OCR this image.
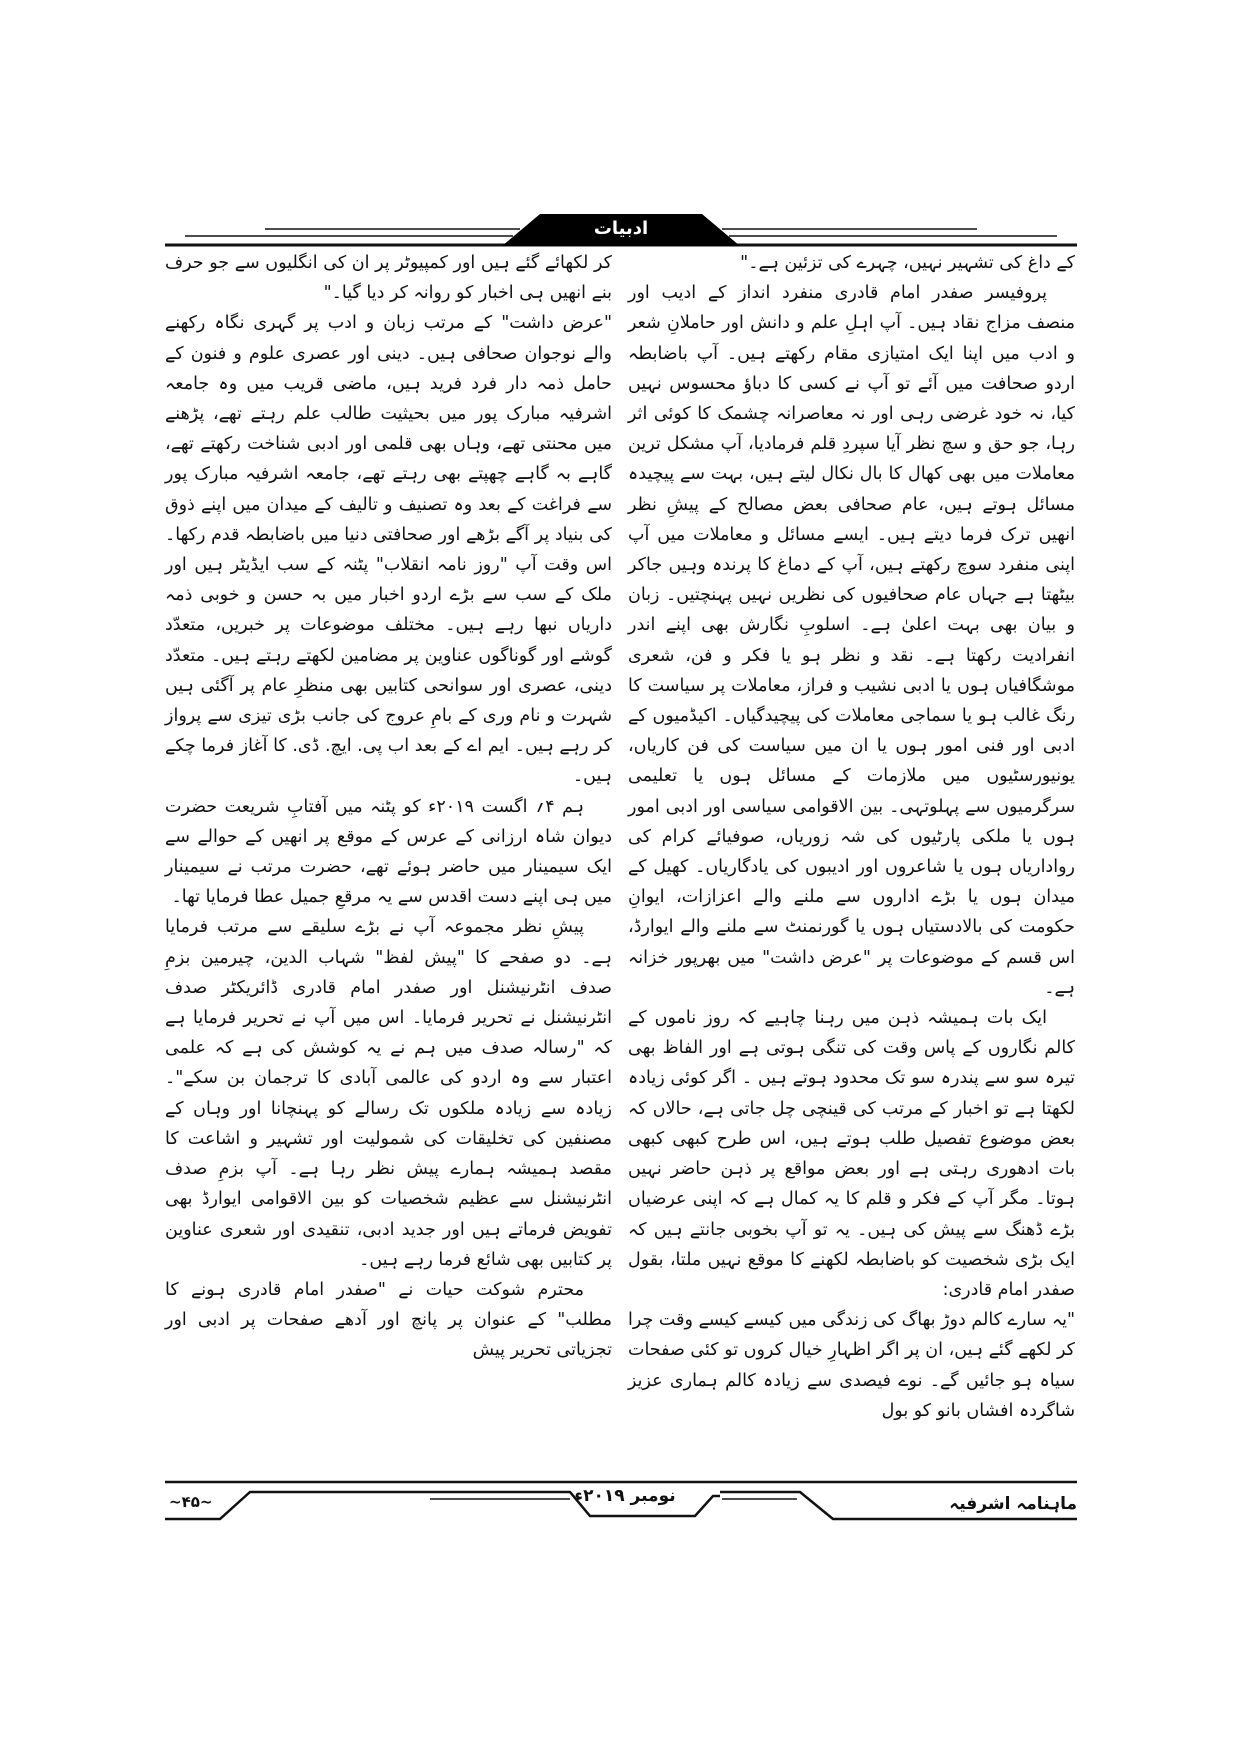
ادبیات

کے داغ کی تشہیر نہیں، چہرے کی تزئین ہے۔"

پروفیسر صفدر امام قادری منفرد انداز کے ادیب اور منصف مزاج نقاد ہیں۔ آپ اہلِ علم و دانش اور حاملانِ شعر و ادب میں اپنا ایک امتیازی مقام رکھتے ہیں۔ آپ باضابطہ اردو صحافت میں آئے تو آپ نے کسی کا دباؤ محسوس نہیں کیا، نہ خود غرضی رہی اور نہ معاصرانہ چشمک کا کوئی اثر رہا، جو حق و سچ نظر آیا سپردِ قلم فرمادیا، آپ مشکل ترین معاملات میں بھی کھال کا بال نکال لیتے ہیں، بہت سے پیچیدہ مسائل ہوتے ہیں، عام صحافی بعض مصالح کے پیشِ نظر انھیں ترک فرما دیتے ہیں۔ ایسے مسائل و معاملات میں آپ اپنی منفرد سوچ رکھتے ہیں، آپ کے دماغ کا پرندہ وہیں جاکر بیٹھتا ہے جہاں عام صحافیوں کی نظریں نہیں پہنچتیں۔ زبان و بیان بھی بہت اعلیٰ ہے۔ اسلوبِ نگارش بھی اپنے اندر انفرادیت رکھتا ہے۔ نقد و نظر ہو یا فکر و فن، شعری موشگافیاں ہوں یا ادبی نشیب و فراز، معاملات پر سیاست کا رنگ غالب ہو یا سماجی معاملات کی پیچیدگیاں۔ اکیڈمیوں کے ادبی اور فنی امور ہوں یا ان میں سیاست کی فن کاریاں، یونیورسٹیوں میں ملازمات کے مسائل ہوں یا تعلیمی سرگرمیوں سے پہلوتہی۔ بین الاقوامی سیاسی اور ادبی امور ہوں یا ملکی پارٹیوں کی شہ زوریاں، صوفیائے کرام کی رواداریاں ہوں یا شاعروں اور ادیبوں کی یادگاریاں۔ کھیل کے میدان ہوں یا بڑے اداروں سے ملنے والے اعزازات، ایوانِ حکومت کی بالادستیاں ہوں یا گورنمنٹ سے ملنے والے ایوارڈ، اس قسم کے موضوعات پر "عرض داشت" میں بھرپور خزانہ ہے۔

ایک بات ہمیشہ ذہن میں رہنا چاہیے کہ روز ناموں کے کالم نگاروں کے پاس وقت کی تنگی ہوتی ہے اور الفاظ بھی تیرہ سو سے پندرہ سو تک محدود ہوتے ہیں ۔ اگر کوئی زیادہ لکھتا ہے تو اخبار کے مرتب کی قینچی چل جاتی ہے، حالاں کہ بعض موضوع تفصیل طلب ہوتے ہیں، اس طرح کبھی کبھی بات ادھوری رہتی ہے اور بعض مواقع پر ذہن حاضر نہیں ہوتا۔ مگر آپ کے فکر و قلم کا یہ کمال ہے کہ اپنی عرضیاں بڑے ڈھنگ سے پیش کی ہیں۔ یہ تو آپ بخوبی جانتے ہیں کہ ایک بڑی شخصیت کو باضابطہ لکھنے کا موقع نہیں ملتا، بقول صفدر امام قادری:

"یہ سارے کالم دوڑ بھاگ کی زندگی میں کیسے کیسے وقت چرا کر لکھے گئے ہیں، ان پر اگر اظہارِ خیال کروں تو کئی صفحات سیاہ ہو جائیں گے۔ نوے فیصدی سے زیادہ کالم ہماری عزیز شاگردہ افشاں بانو کو بول

کر لکھائے گئے ہیں اور کمپیوٹر پر ان کی انگلیوں سے جو حرف بنے انھیں ہی اخبار کو روانہ کر دیا گیا۔"

"عرض داشت" کے مرتب زبان و ادب پر گہری نگاہ رکھنے والے نوجوان صحافی ہیں۔ دینی اور عصری علوم و فنون کے حامل ذمہ دار فرد فرید ہیں، ماضی قریب میں وہ جامعہ اشرفیہ مبارک پور میں بحیثیت طالب علم رہتے تھے، پڑھنے میں محنتی تھے، وہاں بھی قلمی اور ادبی شناخت رکھتے تھے، گاہے بہ گاہے چھپتے بھی رہتے تھے، جامعہ اشرفیہ مبارک پور سے فراغت کے بعد وہ تصنیف و تالیف کے میدان میں اپنے ذوق کی بنیاد پر آگے بڑھے اور صحافتی دنیا میں باضابطہ قدم رکھا۔ اس وقت آپ "روز نامہ انقلاب" پٹنہ کے سب ایڈیٹر ہیں اور ملک کے سب سے بڑے اردو اخبار میں بہ حسن و خوبی ذمہ داریاں نبھا رہے ہیں۔ مختلف موضوعات پر خبریں، متعدّد گوشے اور گوناگوں عناوین پر مضامین لکھتے رہتے ہیں۔ متعدّد دینی، عصری اور سوانحی کتابیں بھی منظرِ عام پر آگئی ہیں شہرت و نام وری کے بامِ عروج کی جانب بڑی تیزی سے پرواز کر رہے ہیں۔ ایم اے کے بعد اب پی. ایچ. ڈی. کا آغاز فرما چکے ہیں۔

ہم ۴؍ اگست ۲۰۱۹ء کو پٹنہ میں آفتابِ شریعت حضرت دیوان شاہ ارزانی کے عرس کے موقع پر انھیں کے حوالے سے ایک سیمینار میں حاضر ہوئے تھے، حضرت مرتب نے سیمینار میں ہی اپنے دست اقدس سے یہ مرقعِ جمیل عطا فرمایا تھا۔

پیشِ نظر مجموعہ آپ نے بڑے سلیقے سے مرتب فرمایا ہے۔ دو صفحے کا "پیش لفظ" شہاب الدین، چیرمین بزمِ صدف انٹرنیشنل اور صفدر امام قادری ڈائریکٹر صدف انٹرنیشنل نے تحریر فرمایا۔ اس میں آپ نے تحریر فرمایا ہے کہ "رسالہ صدف میں ہم نے یہ کوشش کی ہے کہ علمی اعتبار سے وہ اردو کی عالمی آبادی کا ترجمان بن سکے"۔ زیادہ سے زیادہ ملکوں تک رسالے کو پہنچانا اور وہاں کے مصنفین کی تخلیقات کی شمولیت اور تشہیر و اشاعت کا مقصد ہمیشہ ہمارے پیش نظر رہا ہے۔ آپ بزمِ صدف انٹرنیشنل سے عظیم شخصیات کو بین الاقوامی ایوارڈ بھی تفویض فرماتے ہیں اور جدید ادبی، تنقیدی اور شعری عناوین پر کتابیں بھی شائع فرما رہے ہیں۔

محترم شوکت حیات نے "صفدر امام قادری ہونے کا مطلب" کے عنوان پر پانچ اور آدھے صفحات پر ادبی اور تجزیاتی تحریر پیش

ماہنامہ اشرفیہ
نومبر ۲۰۱۹ء
~۴۵~
